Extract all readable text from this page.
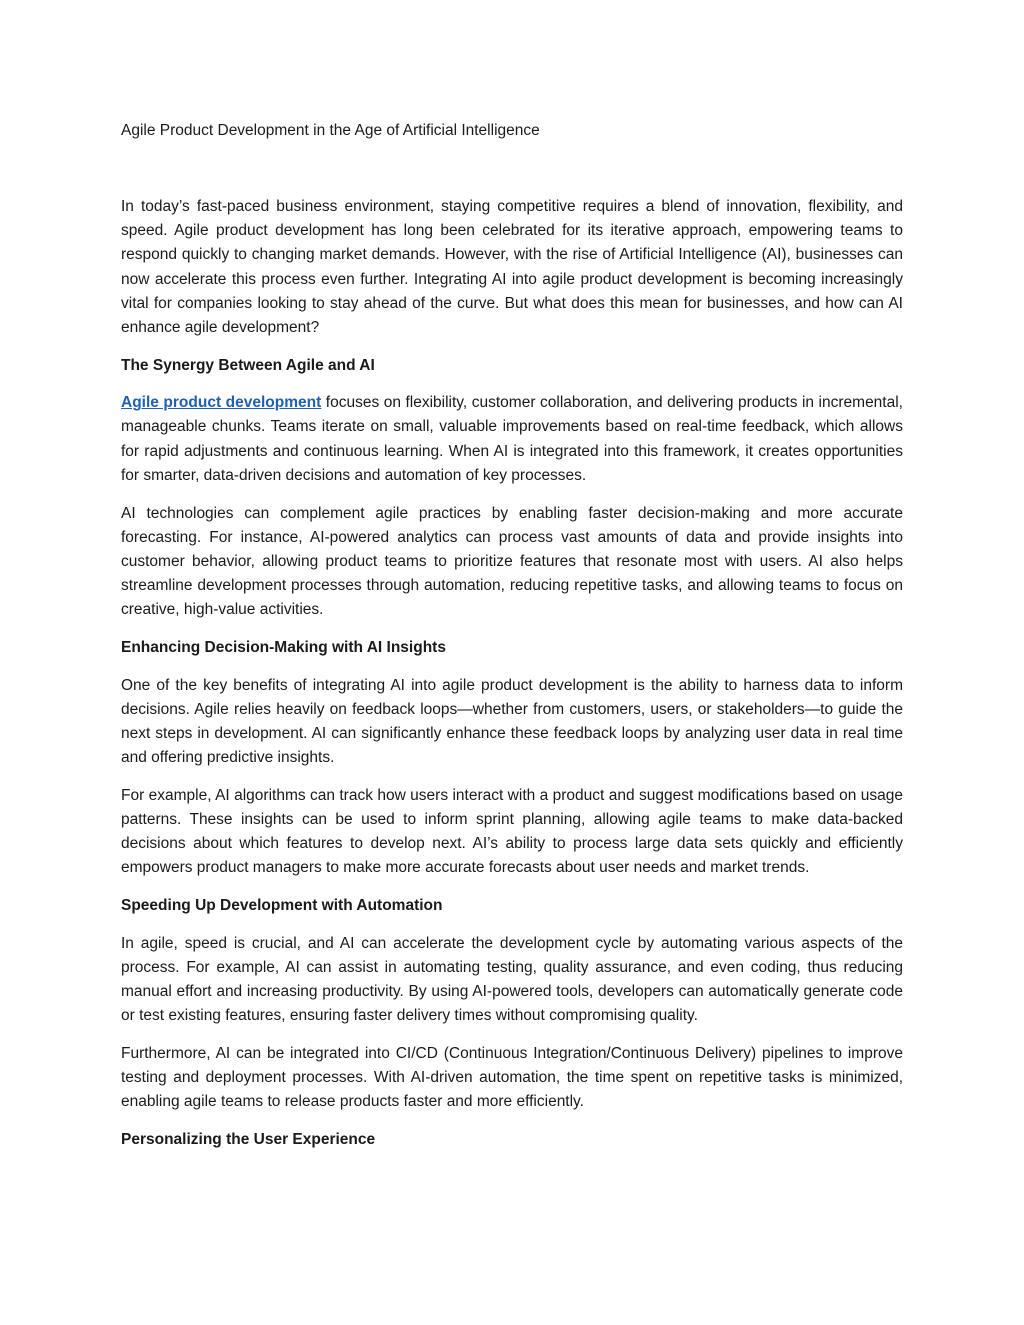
Agile Product Development in the Age of Artificial Intelligence

In today’s fast-paced business environment, staying competitive requires a blend of innovation, flexibility, and speed. Agile product development has long been celebrated for its iterative approach, empowering teams to respond quickly to changing market demands. However, with the rise of Artificial Intelligence (AI), businesses can now accelerate this process even further. Integrating AI into agile product development is becoming increasingly vital for companies looking to stay ahead of the curve. But what does this mean for businesses, and how can AI enhance agile development?

The Synergy Between Agile and AI

Agile product development focuses on flexibility, customer collaboration, and delivering products in incremental, manageable chunks. Teams iterate on small, valuable improvements based on real-time feedback, which allows for rapid adjustments and continuous learning. When AI is integrated into this framework, it creates opportunities for smarter, data-driven decisions and automation of key processes.

AI technologies can complement agile practices by enabling faster decision-making and more accurate forecasting. For instance, AI-powered analytics can process vast amounts of data and provide insights into customer behavior, allowing product teams to prioritize features that resonate most with users. AI also helps streamline development processes through automation, reducing repetitive tasks, and allowing teams to focus on creative, high-value activities.

Enhancing Decision-Making with AI Insights

One of the key benefits of integrating AI into agile product development is the ability to harness data to inform decisions. Agile relies heavily on feedback loops—whether from customers, users, or stakeholders—to guide the next steps in development. AI can significantly enhance these feedback loops by analyzing user data in real time and offering predictive insights.

For example, AI algorithms can track how users interact with a product and suggest modifications based on usage patterns. These insights can be used to inform sprint planning, allowing agile teams to make data-backed decisions about which features to develop next. AI’s ability to process large data sets quickly and efficiently empowers product managers to make more accurate forecasts about user needs and market trends.

Speeding Up Development with Automation

In agile, speed is crucial, and AI can accelerate the development cycle by automating various aspects of the process. For example, AI can assist in automating testing, quality assurance, and even coding, thus reducing manual effort and increasing productivity. By using AI-powered tools, developers can automatically generate code or test existing features, ensuring faster delivery times without compromising quality.

Furthermore, AI can be integrated into CI/CD (Continuous Integration/Continuous Delivery) pipelines to improve testing and deployment processes. With AI-driven automation, the time spent on repetitive tasks is minimized, enabling agile teams to release products faster and more efficiently.

Personalizing the User Experience
